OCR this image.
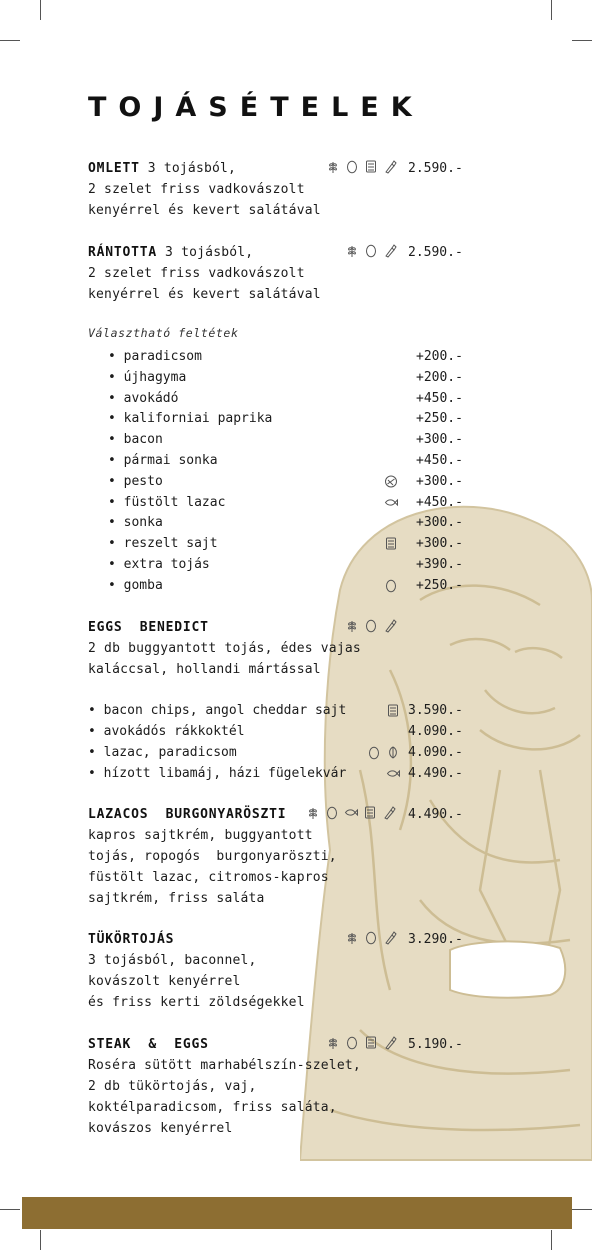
TOJÁSÉTELEK
OMLETT 3 tojásból,
2 szelet friss vadkovászolt
kenyérrel és kevert salátával
2.590.-
RÁNTOTTA 3 tojásból,
2 szelet friss vadkovászolt
kenyérrel és kevert salátával
2.590.-
Választható feltétek
EGGS  BENEDICT
2 db buggyantott tojás, édes vajas
kaláccsal, hollandi mártással
LAZACOS  BURGONYARÖSZTI
kapros sajtkrém, buggyantott
tojás, ropogós  burgonyaröszti,
füstölt lazac, citromos-kapros
sajtkrém, friss saláta
4.490.-
TÜKÖRTOJÁS
3 tojásból, baconnel,
kovászolt kenyérrel
és friss kerti zöldségekkel
3.290.-
STEAK  &  EGGS
Roséra sütött marhabélszín-szelet,
2 db tükörtojás, vaj,
koktélparadicsom, friss saláta,
kovászos kenyérrel
5.190.-
• paradicsom	+200.-
• újhagyma	+200.-
• avokádó	+450.-
• kaliforniai paprika	+250.-
• bacon	+300.-
• pármai sonka	+450.-
• pesto	+300.-
• füstölt lazac	+450.-
• sonka	+300.-
• reszelt sajt	+300.-
• extra tojás	+390.-
• gomba	+250.-
• bacon chips, angol cheddar sajt	3.590.-
• avokádós rákkoktél	4.090.-
• lazac, paradicsom	4.090.-
• hízott libamáj, házi fügelekvár	4.490.-
